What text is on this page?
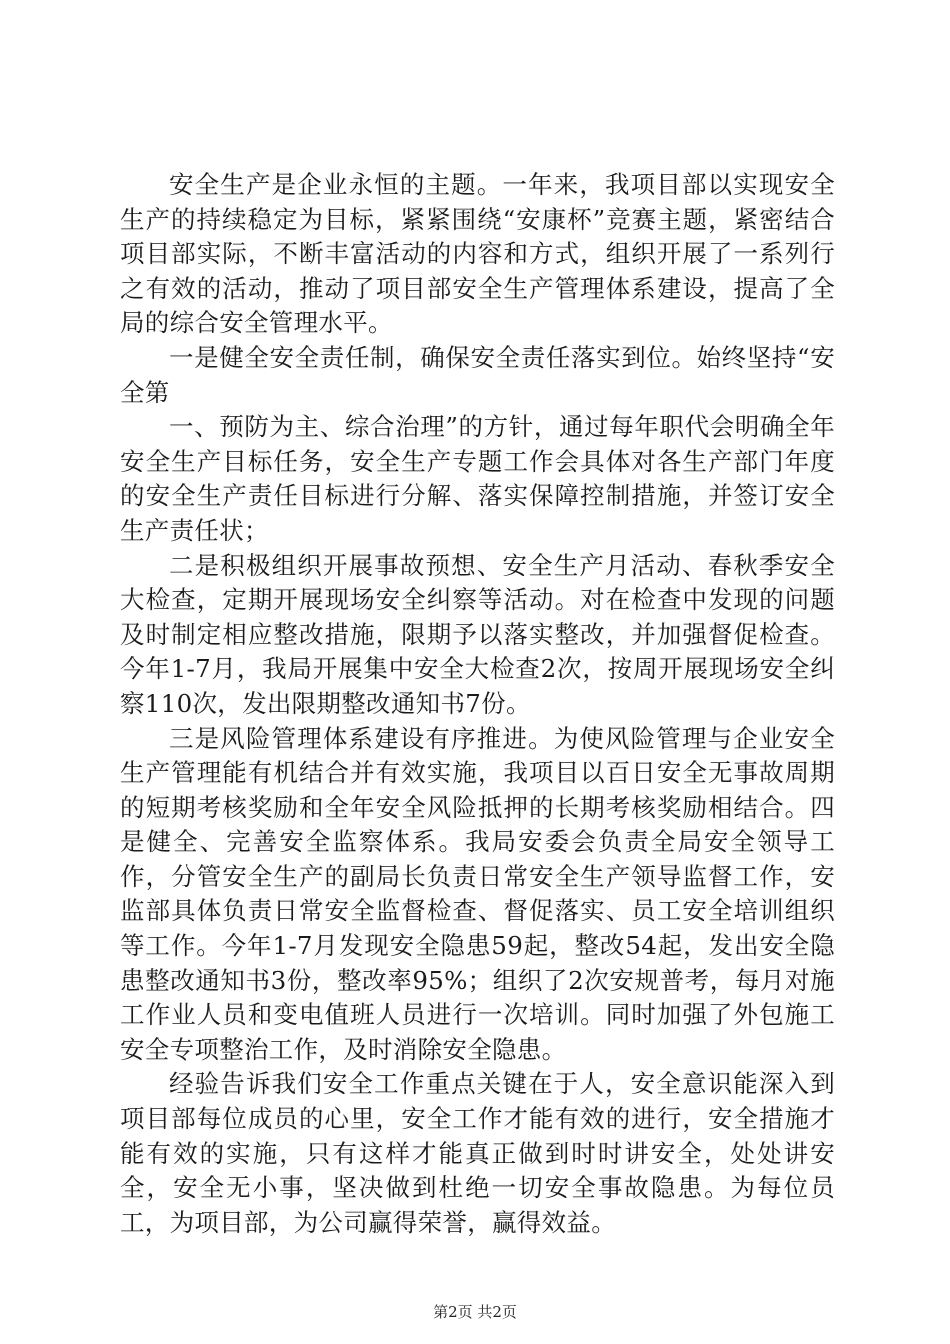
安全生产是企业永恒的主题。一年来，我项目部以实现安全生产的持续稳定为目标，紧紧围绕“安康杯”竞赛主题，紧密结合项目部实际，不断丰富活动的内容和方式，组织开展了一系列行之有效的活动，推动了项目部安全生产管理体系建设，提高了全局的综合安全管理水平。

一是健全安全责任制，确保安全责任落实到位。始终坚持“安全第

一、预防为主、综合治理”的方针，通过每年职代会明确全年安全生产目标任务，安全生产专题工作会具体对各生产部门年度的安全生产责任目标进行分解、落实保障控制措施，并签订安全生产责任状；

二是积极组织开展事故预想、安全生产月活动、春秋季安全大检查，定期开展现场安全纠察等活动。对在检查中发现的问题及时制定相应整改措施，限期予以落实整改，并加强督促检查。今年1-7月，我局开展集中安全大检查2次，按周开展现场安全纠察110次，发出限期整改通知书7份。

三是风险管理体系建设有序推进。为使风险管理与企业安全生产管理能有机结合并有效实施，我项目以百日安全无事故周期的短期考核奖励和全年安全风险抵押的长期考核奖励相结合。四是健全、完善安全监察体系。我局安委会负责全局安全领导工作，分管安全生产的副局长负责日常安全生产领导监督工作，安监部具体负责日常安全监督检查、督促落实、员工安全培训组织等工作。今年1-7月发现安全隐患59起，整改54起，发出安全隐患整改通知书3份，整改率95%；组织了2次安规普考，每月对施工作业人员和变电值班人员进行一次培训。同时加强了外包施工安全专项整治工作，及时消除安全隐患。

经验告诉我们安全工作重点关键在于人，安全意识能深入到项目部每位成员的心里，安全工作才能有效的进行，安全措施才能有效的实施，只有这样才能真正做到时时讲安全，处处讲安全，安全无小事，坚决做到杜绝一切安全事故隐患。为每位员工，为项目部，为公司赢得荣誉，赢得效益。

第2页 共2页
